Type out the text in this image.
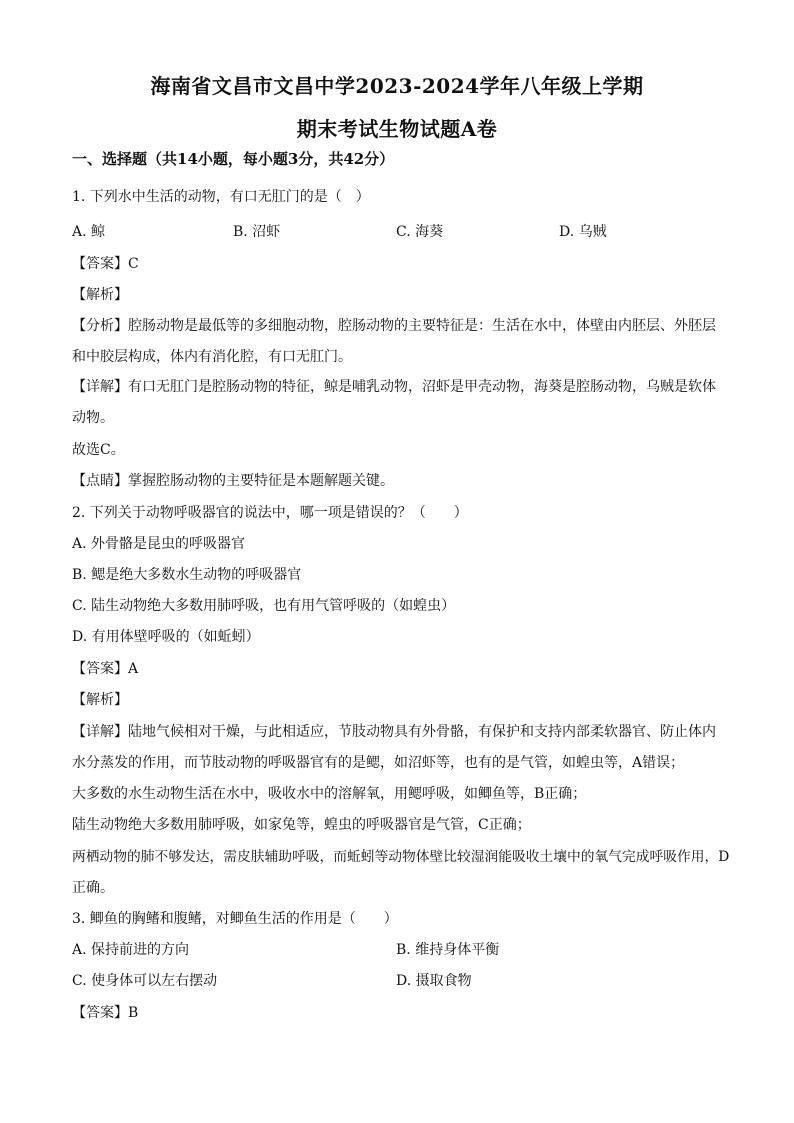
海南省文昌市文昌中学2023-2024学年八年级上学期
期末考试生物试题A卷
一、选择题（共14小题，每小题3分，共42分）
1. 下列水中生活的动物，有口无肛门的是（　）
A. 鲸	B. 沼虾	C. 海葵	D. 乌贼
【答案】C
【解析】
【分析】腔肠动物是最低等的多细胞动物，腔肠动物的主要特征是：生活在水中，体壁由内胚层、外胚层
和中胶层构成，体内有消化腔，有口无肛门。
【详解】有口无肛门是腔肠动物的特征，鲸是哺乳动物，沼虾是甲壳动物，海葵是腔肠动物，乌贼是软体
动物。
故选C。
【点睛】掌握腔肠动物的主要特征是本题解题关键。
2. 下列关于动物呼吸器官的说法中，哪一项是错误的？（　　）
A. 外骨骼是昆虫的呼吸器官
B. 鳃是绝大多数水生动物的呼吸器官
C. 陆生动物绝大多数用肺呼吸，也有用气管呼吸的（如蝗虫）
D. 有用体壁呼吸的（如蚯蚓）
【答案】A
【解析】
【详解】陆地气候相对干燥，与此相适应，节肢动物具有外骨骼，有保护和支持内部柔软器官、防止体内
水分蒸发的作用，而节肢动物的呼吸器官有的是鳃，如沼虾等，也有的是气管，如蝗虫等，A错误；
大多数的水生动物生活在水中，吸收水中的溶解氧，用鳃呼吸，如鲫鱼等，B正确；
陆生动物绝大多数用肺呼吸，如家兔等，蝗虫的呼吸器官是气管，C正确；
两栖动物的肺不够发达，需皮肤辅助呼吸，而蚯蚓等动物体壁比较湿润能吸收土壤中的氧气完成呼吸作用，D
正确。
3. 鲫鱼的胸鳍和腹鳍，对鲫鱼生活的作用是（　　）
A. 保持前进的方向	B. 维持身体平衡
C. 使身体可以左右摆动	D. 摄取食物
【答案】B
